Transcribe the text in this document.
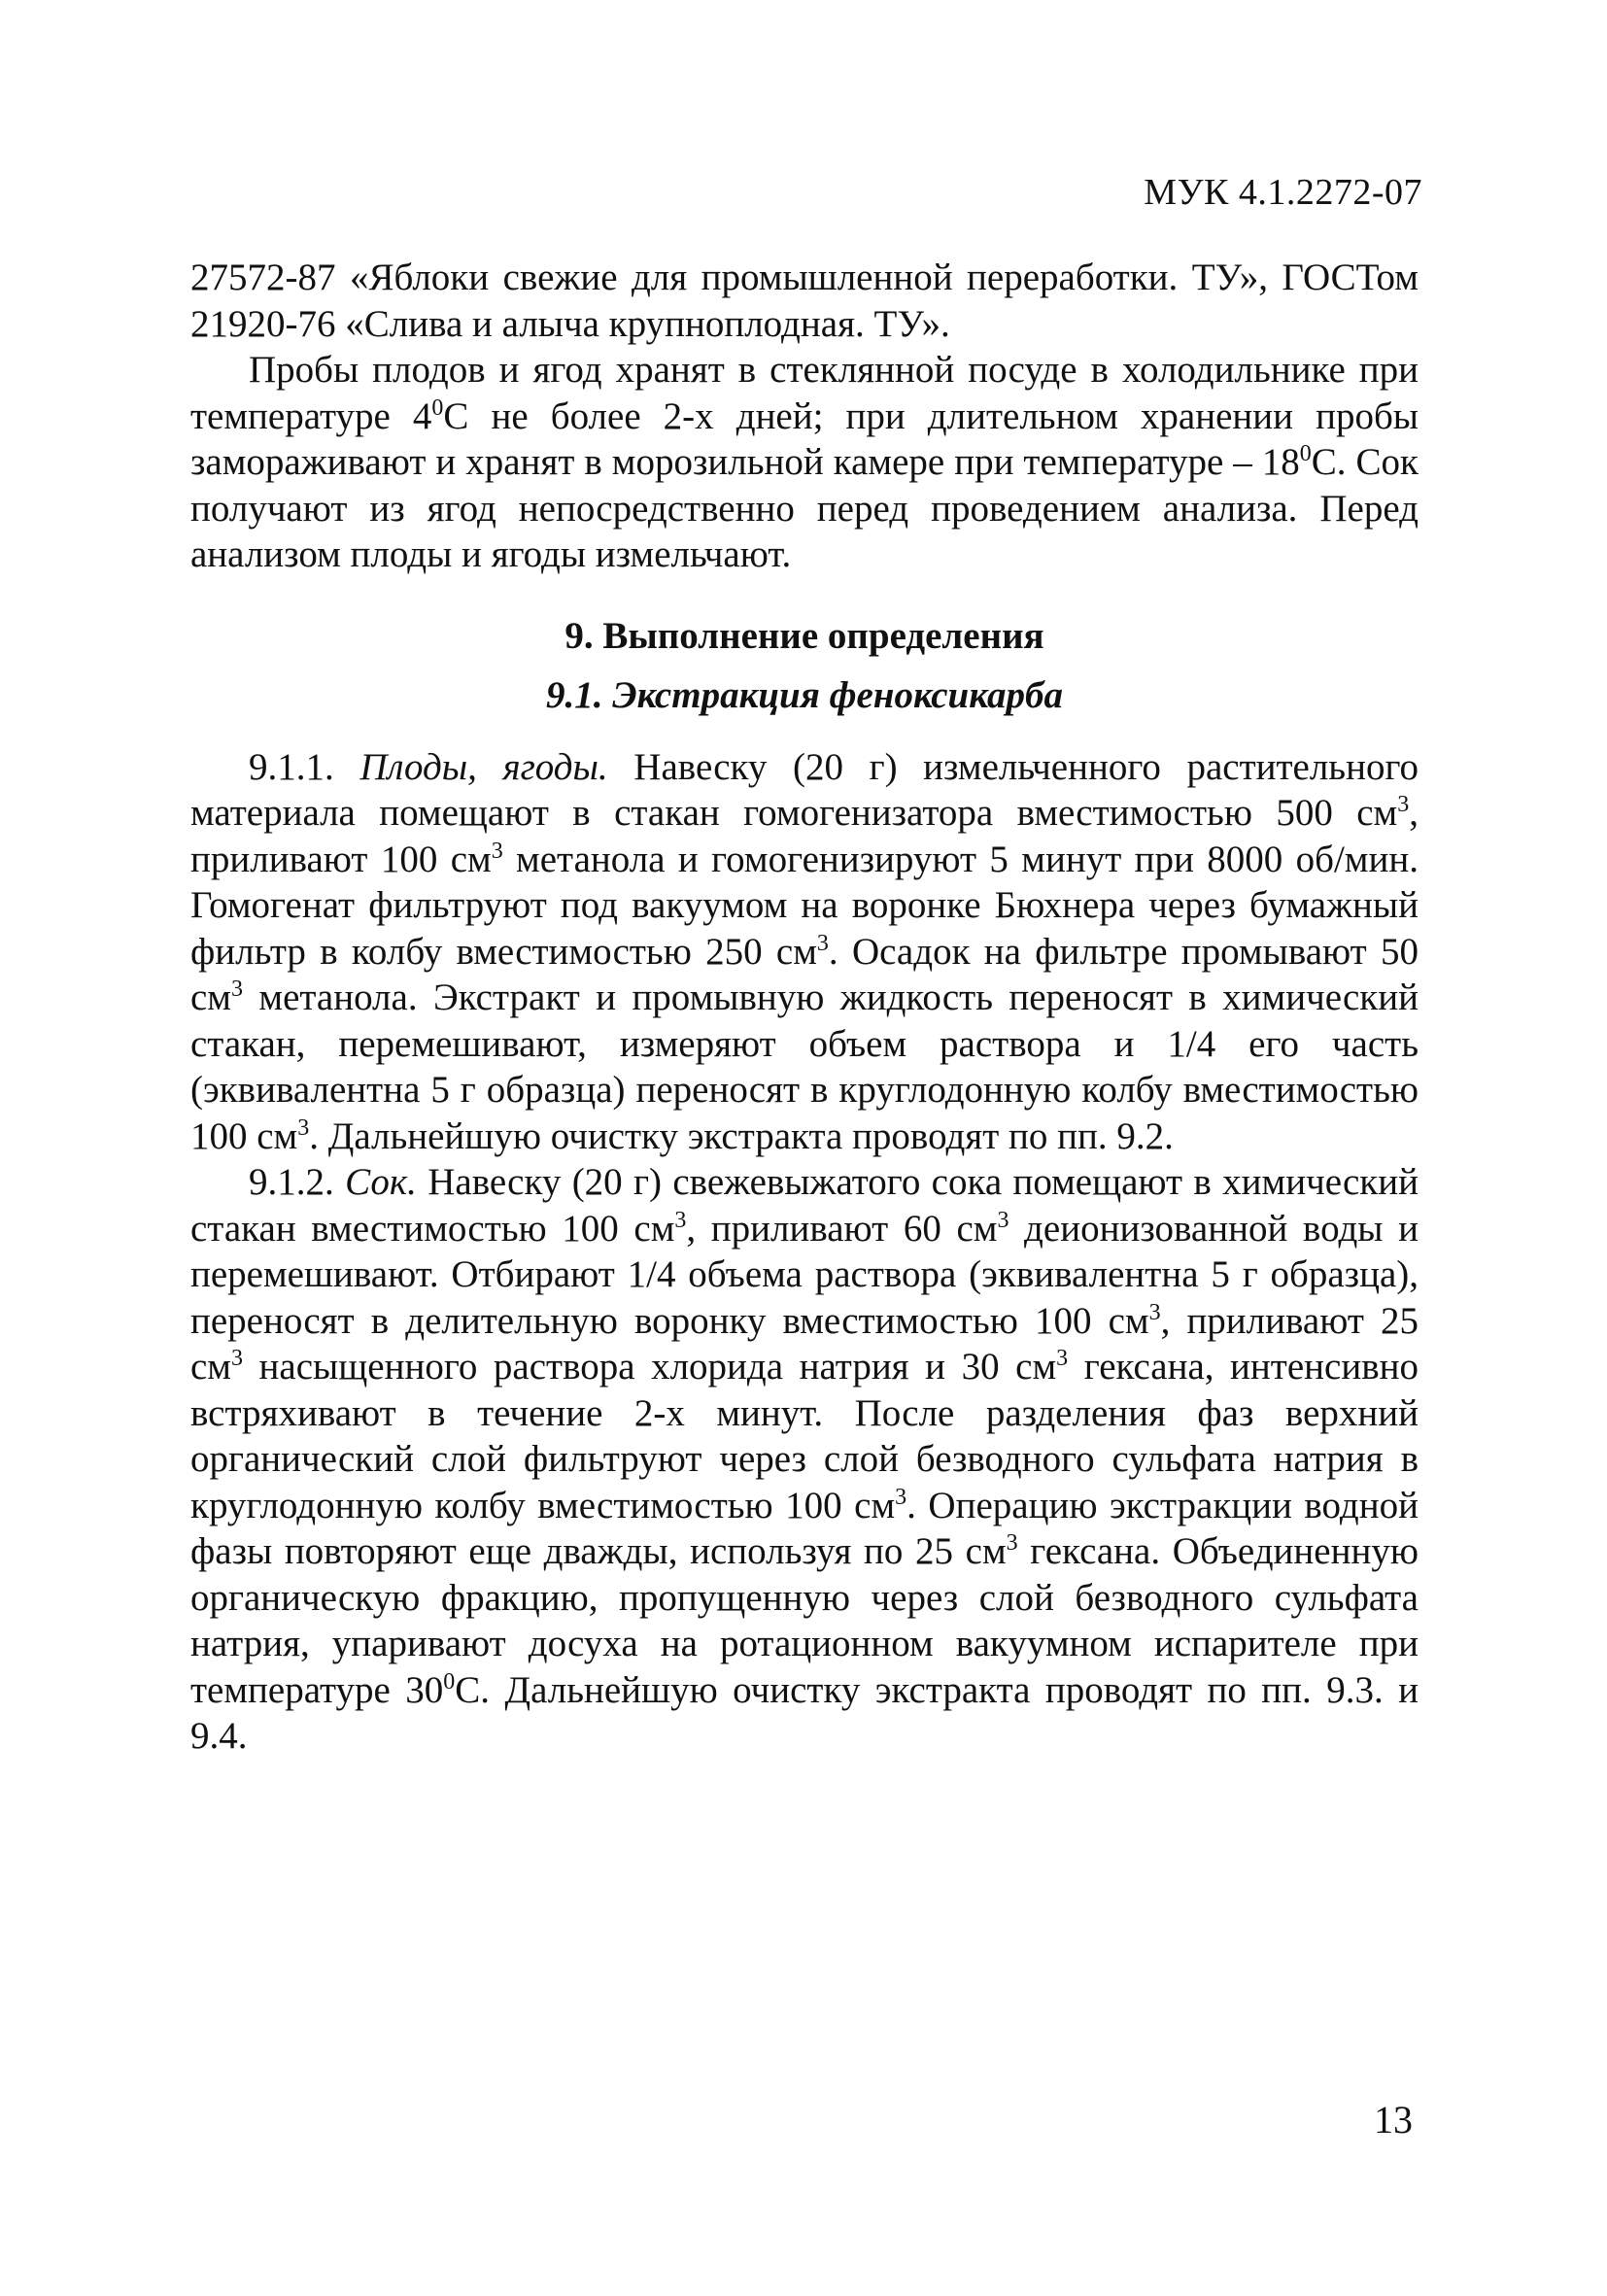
МУК 4.1.2272-07

27572-87 «Яблоки свежие для промышленной переработки. ТУ», ГОСТом 21920-76 «Слива и алыча крупноплодная. ТУ».

Пробы плодов и ягод хранят в стеклянной посуде в холодильнике при температуре $4^0С$ не более 2-х дней; при длительном хранении пробы замораживают и хранят в морозильной камере при температуре – $18^0С$. Сок получают из ягод непосредственно перед проведением анализа. Перед анализом плоды и ягоды измельчают.

9. Выполнение определения
9.1. Экстракция феноксикарба

9.1.1. Плоды, ягоды. Навеску (20 г) измельченного растительного материала помещают в стакан гомогенизатора вместимостью 500 $см^3$, приливают 100 $см^3$ метанола и гомогенизируют 5 минут при 8000 об/мин. Гомогенат фильтруют под вакуумом на воронке Бюхнера через бумажный фильтр в колбу вместимостью 250 $см^3$. Осадок на фильтре промывают 50 $см^3$ метанола. Экстракт и промывную жидкость переносят в химический стакан, перемешивают, измеряют объем раствора и 1/4 его часть (эквивалентна 5 г образца) переносят в круглодонную колбу вместимостью 100 $см^3$. Дальнейшую очистку экстракта проводят по пп. 9.2.

9.1.2. Сок. Навеску (20 г) свежевыжатого сока помещают в химический стакан вместимостью 100 $см^3$, приливают 60 $см^3$ деионизованной воды и перемешивают. Отбирают 1/4 объема раствора (эквивалентна 5 г образца), переносят в делительную воронку вместимостью 100 $см^3$, приливают 25 $см^3$ насыщенного раствора хлорида натрия и 30 $см^3$ гексана, интенсивно встряхивают в течение 2-х минут. После разделения фаз верхний органический слой фильтруют через слой безводного сульфата натрия в круглодонную колбу вместимостью 100 $см^3$. Операцию экстракции водной фазы повторяют еще дважды, используя по 25 $см^3$ гексана. Объединенную органическую фракцию, пропущенную через слой безводного сульфата натрия, упаривают досуха на ротационном вакуумном испарителе при температуре $30^0С$. Дальнейшую очистку экстракта проводят по пп. 9.3. и 9.4.

13
